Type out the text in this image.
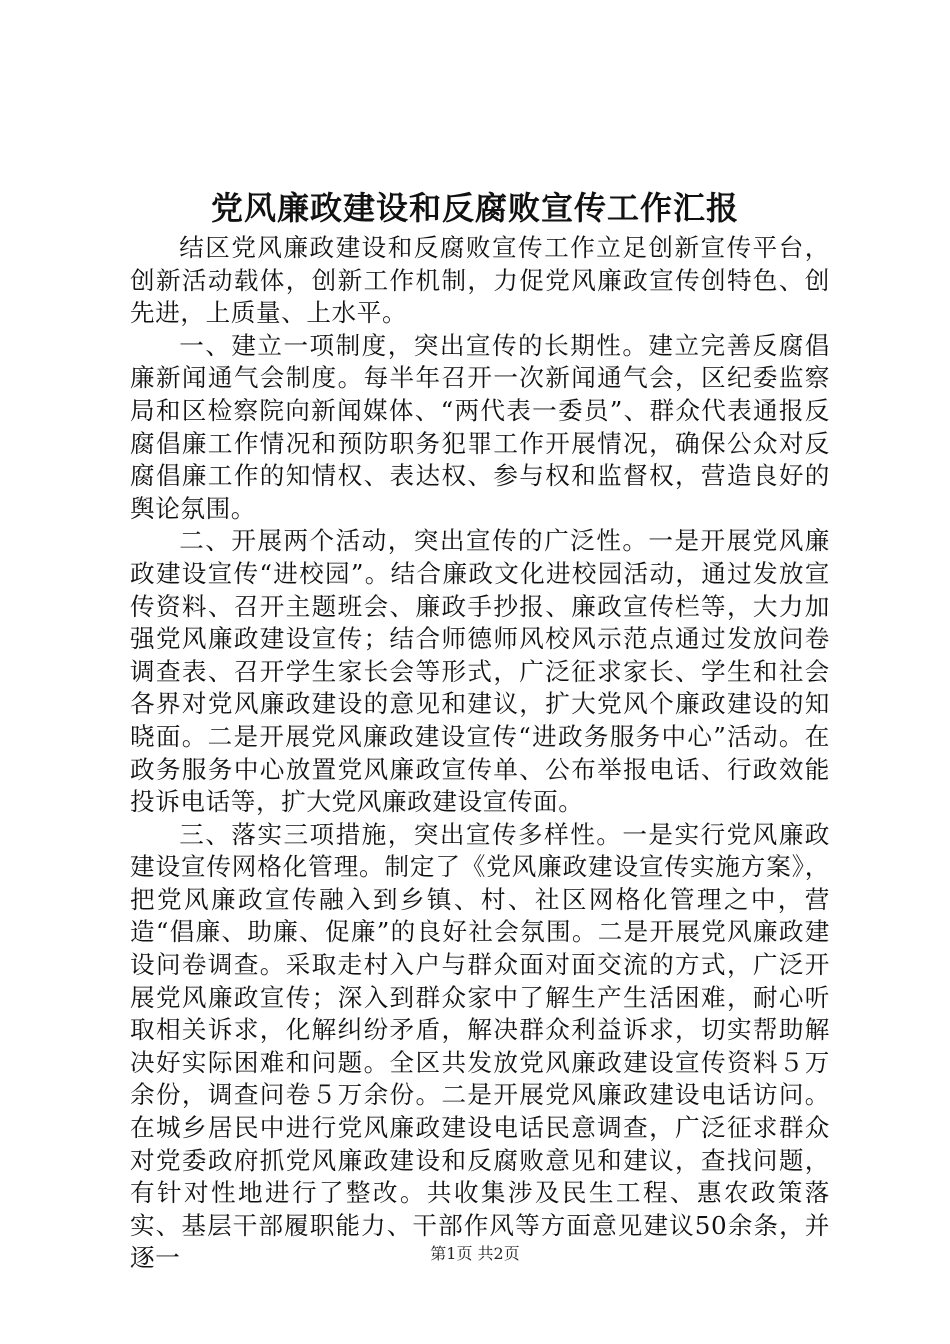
党风廉政建设和反腐败宣传工作汇报

结区党风廉政建设和反腐败宣传工作立足创新宣传平台，创新活动载体，创新工作机制，力促党风廉政宣传创特色、创先进，上质量、上水平。

一、建立一项制度，突出宣传的长期性。建立完善反腐倡廉新闻通气会制度。每半年召开一次新闻通气会，区纪委监察局和区检察院向新闻媒体、“两代表一委员”、群众代表通报反腐倡廉工作情况和预防职务犯罪工作开展情况，确保公众对反腐倡廉工作的知情权、表达权、参与权和监督权，营造良好的舆论氛围。

二、开展两个活动，突出宣传的广泛性。一是开展党风廉政建设宣传“进校园”。结合廉政文化进校园活动，通过发放宣传资料、召开主题班会、廉政手抄报、廉政宣传栏等，大力加强党风廉政建设宣传；结合师德师风校风示范点通过发放问卷调查表、召开学生家长会等形式，广泛征求家长、学生和社会各界对党风廉政建设的意见和建议，扩大党风个廉政建设的知晓面。二是开展党风廉政建设宣传“进政务服务中心”活动。在政务服务中心放置党风廉政宣传单、公布举报电话、行政效能投诉电话等，扩大党风廉政建设宣传面。

三、落实三项措施，突出宣传多样性。一是实行党风廉政建设宣传网格化管理。制定了《党风廉政建设宣传实施方案》，把党风廉政宣传融入到乡镇、村、社区网格化管理之中，营造“倡廉、助廉、促廉”的良好社会氛围。二是开展党风廉政建设问卷调查。采取走村入户与群众面对面交流的方式，广泛开展党风廉政宣传；深入到群众家中了解生产生活困难，耐心听取相关诉求，化解纠纷矛盾，解决群众利益诉求，切实帮助解决好实际困难和问题。全区共发放党风廉政建设宣传资料５万余份，调查问卷５万余份。二是开展党风廉政建设电话访问。在城乡居民中进行党风廉政建设电话民意调查，广泛征求群众对党委政府抓党风廉政建设和反腐败意见和建议，查找问题，有针对性地进行了整改。共收集涉及民生工程、惠农政策落实、基层干部履职能力、干部作风等方面意见建议50余条，并逐一	第1页 共2页
